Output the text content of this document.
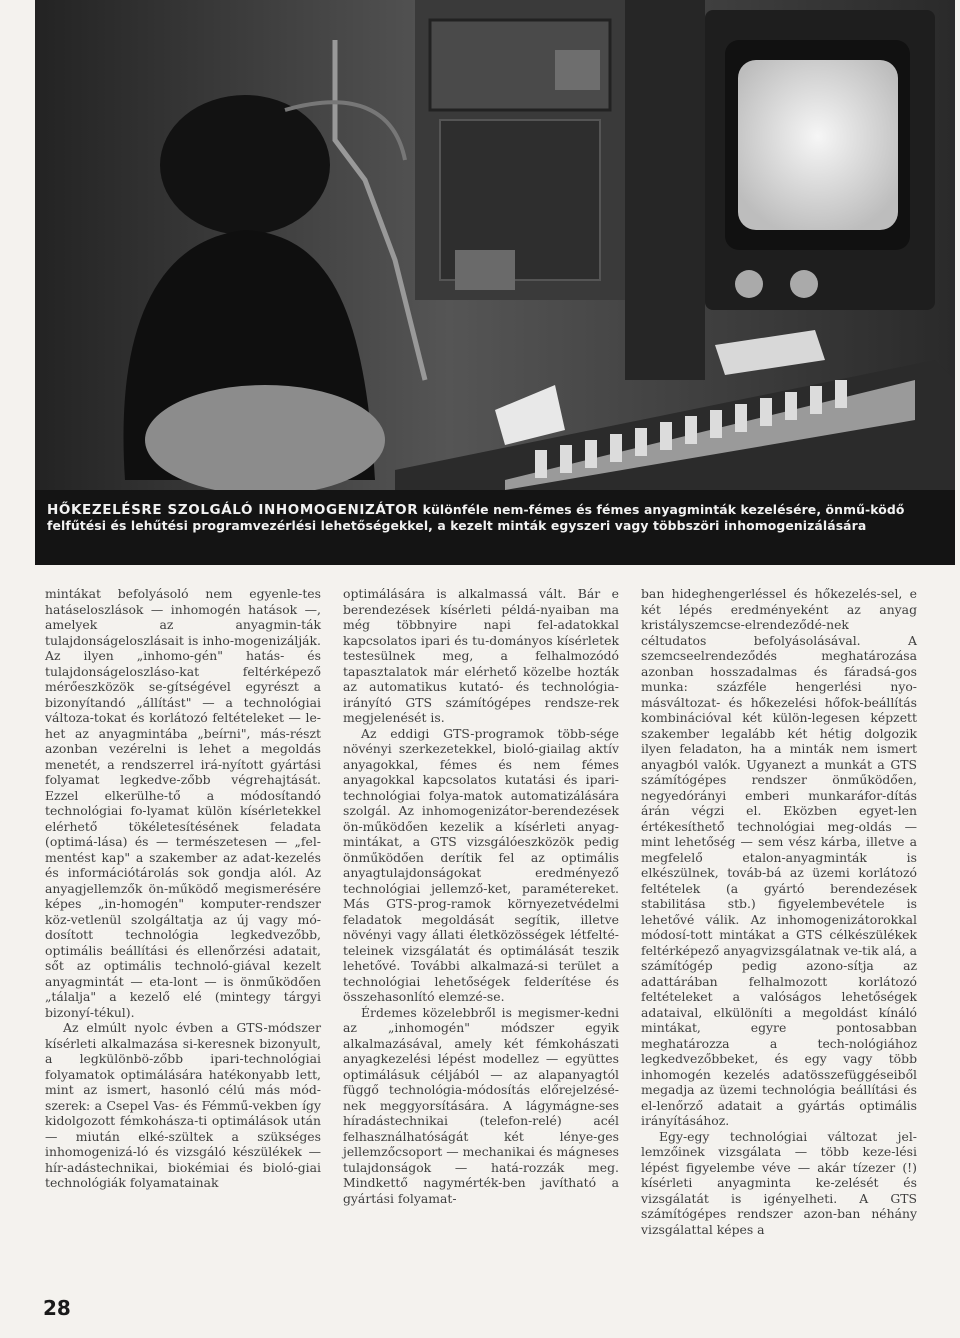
HŐKEZELÉSRE SZOLGÁLÓ INHOMOGENIZÁTOR különféle nem-fémes és fémes anyagminták kezelésére, önmű-ködő felfűtési és lehűtési programvezérlési lehetőségekkel, a kezelt minták egyszeri vagy többszöri inhomogenizálására

mintákat befolyásoló nem egyenle-tes hatáseloszlások — inhomogén hatások —, amelyek az anyagmin-ták tulajdonságeloszlásait is inho-mogenizálják. Az ilyen „inhomo-gén" hatás- és tulajdonságeloszláso-kat feltérképező mérőeszközök se-gítségével egyrészt a bizonyítandó „állítást" — a technológiai változa-tokat és korlátozó feltételeket — le-het az anyagmintába „beírni", más-részt azonban vezérelni is lehet a megoldás menetét, a rendszerrel irá-nyított gyártási folyamat legkedve-zőbb végrehajtását. Ezzel elkerülhe-tő a módosítandó technológiai fo-lyamat külön kísérletekkel elérhető tökéletesítésének feladata (optimá-lása) és — természetesen — „fel-mentést kap" a szakember az adat-kezelés és információtárolás sok gondja alól. Az anyagjellemzők ön-működő megismerésére képes „in-homogén" komputer-rendszer köz-vetlenül szolgáltatja az új vagy mó-dosított technológia legkedvezőbb, optimális beállítási és ellenőrzési adatait, sőt az optimális technoló-giával kezelt anyagmintát — eta-lont — is önműködően „tálalja" a kezelő elé (mintegy tárgyi bizonyí-tékul).

Az elmúlt nyolc évben a GTS-módszer kísérleti alkalmazása si-keresnek bizonyult, a legkülönbö-zőbb ipari-technológiai folyamatok optimálására hatékonyabb lett, mint az ismert, hasonló célú más mód-szerek: a Csepel Vas- és Fémmű-vekben így kidolgozott fémkohásza-ti optimálások után — miután elké-szültek a szükséges inhomogenizá-ló és vizsgáló készülékek — hír-adástechnikai, biokémiai és bioló-giai technológiák folyamatainak

optimálására is alkalmassá vált. Bár e berendezések kísérleti példá-nyaiban ma még többnyire napi fel-adatokkal kapcsolatos ipari és tu-dományos kísérletek testesülnek meg, a felhalmozódó tapasztalatok már elérhető közelbe hozták az automatikus kutató- és technológia-irányító GTS számítógépes rendsze-rek megjelenését is.

Az eddigi GTS-programok több-sége növényi szerkezetekkel, bioló-giailag aktív anyagokkal, fémes és nem fémes anyagokkal kapcsolatos kutatási és ipari-technológiai folya-matok automatizálására szolgál. Az inhomogenizátor-berendezések ön-működően kezelik a kísérleti anyag-mintákat, a GTS vizsgálóeszközök pedig önműködően derítik fel az optimális anyagtulajdonságokat eredményező technológiai jellemző-ket, paramétereket. Más GTS-prog-ramok környezetvédelmi feladatok megoldását segítik, illetve növényi vagy állati életközösségek létfelté-teleinek vizsgálatát és optimálását teszik lehetővé. További alkalmazá-si terület a technológiai lehetőségek felderítése és összehasonlító elemzé-se.

Érdemes közelebbről is megismer-kedni az „inhomogén" módszer egyik alkalmazásával, amely két fémkohászati anyagkezelési lépést modellez — együttes optimálásuk céljából — az alapanyagtól függő technológia-módosítás előrejelzésé-nek meggyorsítására. A lágymágne-ses híradástechnikai (telefon-relé) acél felhasználhatóságát két lénye-ges jellemzőcsoport — mechanikai és mágneses tulajdonságok — hatá-rozzák meg. Mindkettő nagymérték-ben javítható a gyártási folyamat-

ban hideghengerléssel és hőkezelés-sel, e két lépés eredményeként az anyag kristályszemcse-elrendeződé-nek céltudatos befolyásolásával. A szemcseelrendeződés meghatározása azonban hosszadalmas és fáradsá-gos munka: százféle hengerlési nyo-másváltozat- és hőkezelési hőfok-beállítás kombinációval két külön-legesen képzett szakember legalább két hétig dolgozik ilyen feladaton, ha a minták nem ismert anyagból valók. Ugyanezt a munkát a GTS számítógépes rendszer önműködően, negyedórányi emberi munkaráfor-dítás árán végzi el. Eközben egyet-len értékesíthető technológiai meg-oldás — mint lehetőség — sem vész kárba, illetve a megfelelő etalon-anyagminták is elkészülnek, továb-bá az üzemi korlátozó feltételek (a gyártó berendezések stabilitása stb.) figyelembevétele is lehetővé válik. Az inhomogenizátorokkal módosí-tott mintákat a GTS célkészülékek feltérképező anyagvizsgálatnak ve-tik alá, a számítógép pedig azono-sítja az adattárában felhalmozott korlátozó feltételeket a valóságos lehetőségek adataival, elkülöníti a megoldást kínáló mintákat, egyre pontosabban meghatározza a tech-nológiához legkedvezőbbeket, és egy vagy több inhomogén kezelés adatösszefüggéseiből megadja az üzemi technológia beállítási és el-lenőrző adatait a gyártás optimális irányításához.

Egy-egy technológiai változat jel-lemzőinek vizsgálata — több keze-lési lépést figyelembe véve — akár tízezer (!) kísérleti anyagminta ke-zelését és vizsgálatát is igényelheti. A GTS számítógépes rendszer azon-ban néhány vizsgálattal képes a

28
